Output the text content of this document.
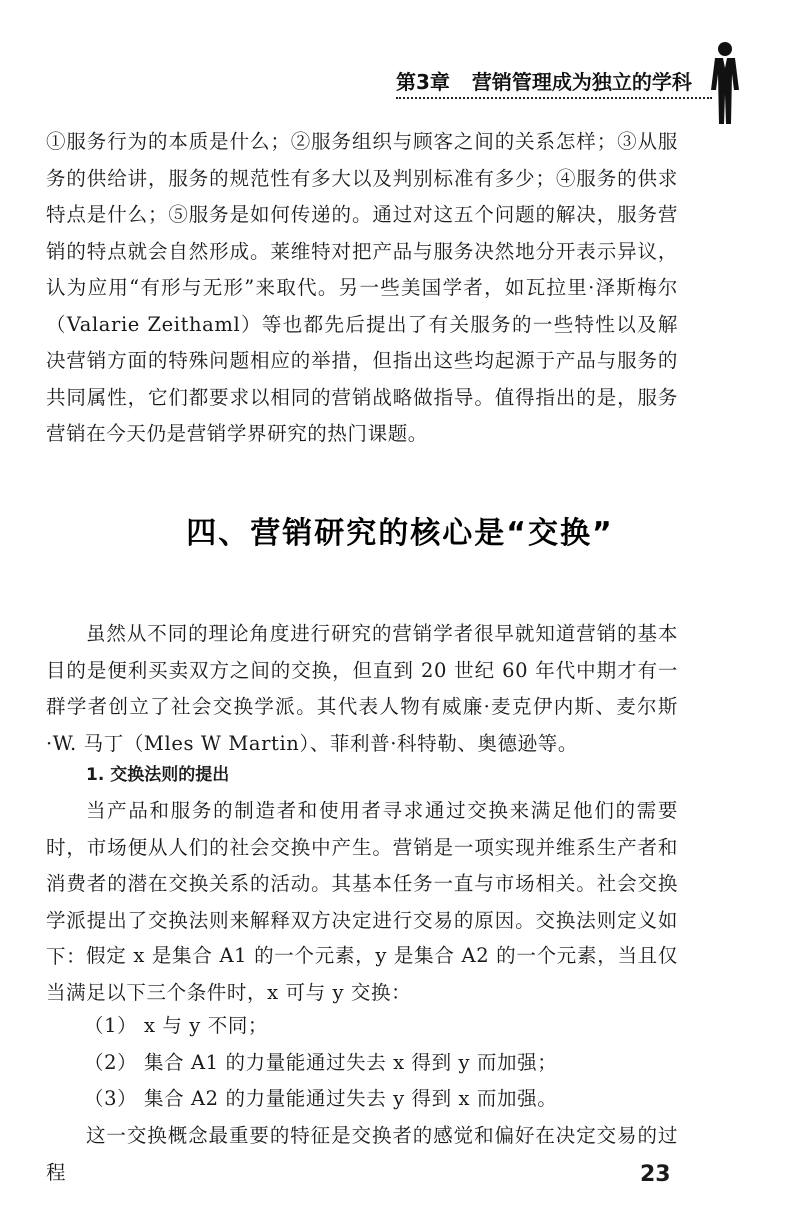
第3章 营销管理成为独立的学科

①服务行为的本质是什么；②服务组织与顾客之间的关系怎样；③从服务的供给讲，服务的规范性有多大以及判别标准有多少；④服务的供求特点是什么；⑤服务是如何传递的。通过对这五个问题的解决，服务营销的特点就会自然形成。莱维特对把产品与服务决然地分开表示异议，认为应用“有形与无形”来取代。另一些美国学者，如瓦拉里·泽斯梅尔（Valarie Zeithaml）等也都先后提出了有关服务的一些特性以及解决营销方面的特殊问题相应的举措，但指出这些均起源于产品与服务的共同属性，它们都要求以相同的营销战略做指导。值得指出的是，服务营销在今天仍是营销学界研究的热门课题。

四、营销研究的核心是“交换”

虽然从不同的理论角度进行研究的营销学者很早就知道营销的基本目的是便利买卖双方之间的交换，但直到 20 世纪 60 年代中期才有一群学者创立了社会交换学派。其代表人物有威廉·麦克伊内斯、麦尔斯·W. 马丁（Mles W Martin）、菲利普·科特勒、奥德逊等。

1. 交换法则的提出

当产品和服务的制造者和使用者寻求通过交换来满足他们的需要时，市场便从人们的社会交换中产生。营销是一项实现并维系生产者和消费者的潜在交换关系的活动。其基本任务一直与市场相关。社会交换学派提出了交换法则来解释双方决定进行交易的原因。交换法则定义如下： 假定 x 是集合 A1 的一个元素，y 是集合 A2 的一个元素，当且仅当满足以下三个条件时，x 可与 y 交换：

（1） x 与 y 不同；

（2） 集合 A1 的力量能通过失去 x 得到 y 而加强；

（3） 集合 A2 的力量能通过失去 y 得到 x 而加强。

这一交换概念最重要的特征是交换者的感觉和偏好在决定交易的过程	23
